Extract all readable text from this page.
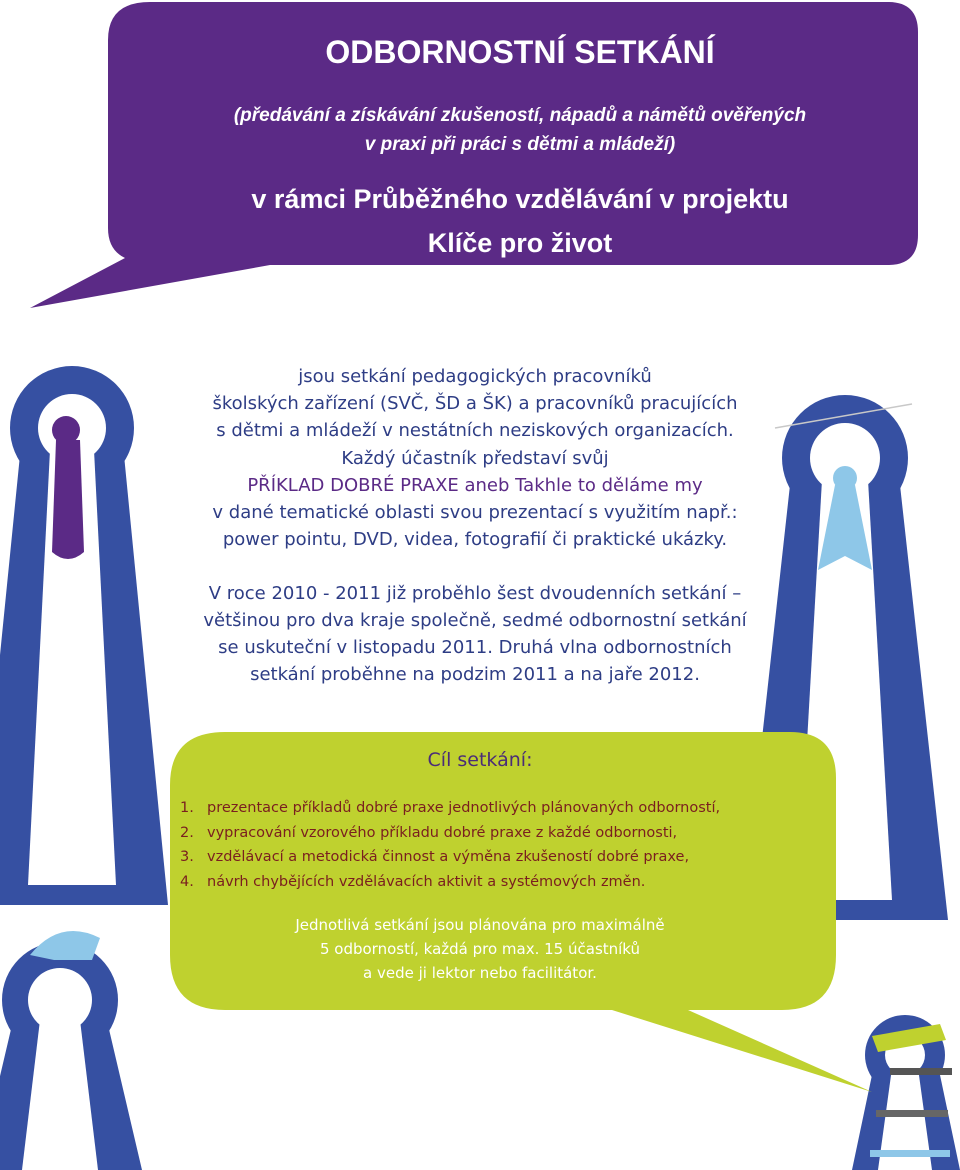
ODBORNOSTNÍ SETKÁNÍ
(předávání a získávání zkušeností, nápadů a námětů ověřených
v praxi při práci s dětmi a mládeží)
v rámci Průběžného vzdělávání v projektu
Klíče pro život
jsou setkání pedagogických pracovníků
školských zařízení (SVČ, ŠD a ŠK) a pracovníků pracujících
s dětmi a mládeží v nestátních neziskových organizacích.
Každý účastník představí svůj
PŘÍKLAD DOBRÉ PRAXE aneb Takhle to děláme my
v dané tematické oblasti svou prezentací s využitím např.:
power pointu, DVD, videa, fotografií či praktické ukázky.
V roce 2010 - 2011 již proběhlo šest dvoudenních setkání –
většinou pro dva kraje společně, sedmé odbornostní setkání
se uskuteční v listopadu 2011. Druhá vlna odbornostních
setkání proběhne na podzim 2011 a na jaře 2012.
Cíl setkání:
1. prezentace příkladů dobré praxe jednotlivých plánovaných odborností,
2. vypracování vzorového příkladu dobré praxe z každé odbornosti,
3. vzdělávací a metodická činnost a výměna zkušeností dobré praxe,
4. návrh chybějících vzdělávacích aktivit a systémových změn.
Jednotlivá setkání jsou plánována pro maximálně
5 odborností, každá pro max. 15 účastníků
a vede ji lektor nebo facilitátor.
